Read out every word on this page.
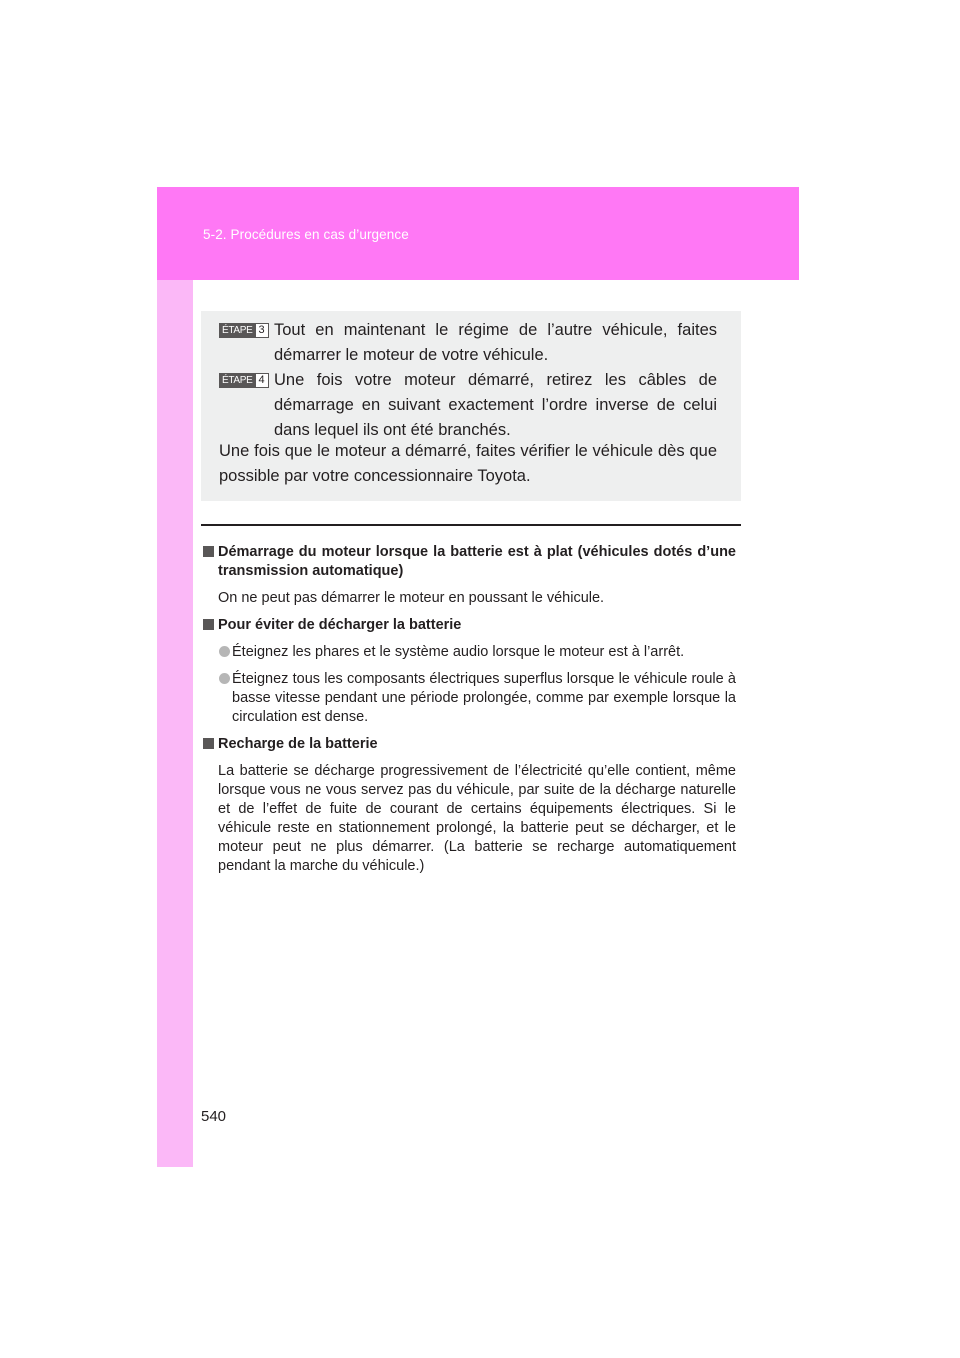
5-2. Procédures en cas d’urgence
ÉTAPE 3 Tout en maintenant le régime de l’autre véhicule, faites démarrer le moteur de votre véhicule.
ÉTAPE 4 Une fois votre moteur démarré, retirez les câbles de démarrage en suivant exactement l’ordre inverse de celui dans lequel ils ont été branchés.
Une fois que le moteur a démarré, faites vérifier le véhicule dès que possible par votre concessionnaire Toyota.
Démarrage du moteur lorsque la batterie est à plat (véhicules dotés d’une transmission automatique)
On ne peut pas démarrer le moteur en poussant le véhicule.
Pour éviter de décharger la batterie
Éteignez les phares et le système audio lorsque le moteur est à l’arrêt.
Éteignez tous les composants électriques superflus lorsque le véhicule roule à basse vitesse pendant une période prolongée, comme par exemple lorsque la circulation est dense.
Recharge de la batterie
La batterie se décharge progressivement de l’électricité qu’elle contient, même lorsque vous ne vous servez pas du véhicule, par suite de la décharge naturelle et de l’effet de fuite de courant de certains équipements électriques. Si le véhicule reste en stationnement prolongé, la batterie peut se décharger, et le moteur peut ne plus démarrer. (La batterie se recharge automatiquement pendant la marche du véhicule.)
540
